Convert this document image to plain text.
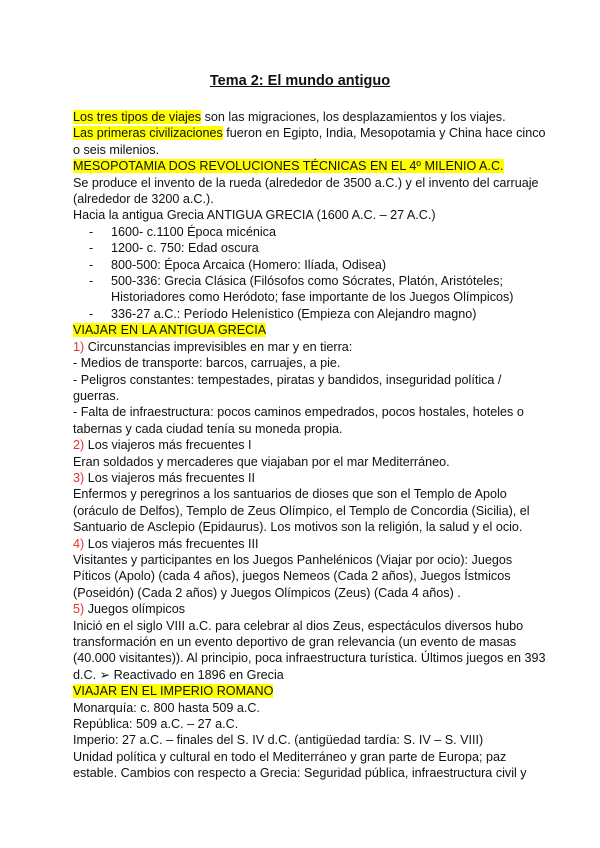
Tema 2: El mundo antiguo

Los tres tipos de viajes son las migraciones, los desplazamientos y los viajes.

Las primeras civilizaciones fueron en Egipto, India, Mesopotamia y China hace cinco

o seis milenios.

MESOPOTAMIA DOS REVOLUCIONES TÉCNICAS EN EL 4º MILENIO A.C.

Se produce el invento de la rueda (alrededor de 3500 a.C.) y el invento del carruaje

(alrededor de 3200 a.C.).

Hacia la antigua Grecia ANTIGUA GRECIA (1600 A.C. – 27 A.C.)

- 1600- c.1100 Época micénica
- 1200- c. 750: Edad oscura
- 800-500: Época Arcaica (Homero: Ilíada, Odisea)
- 500-336: Grecia Clásica (Filósofos como Sócrates, Platón, Aristóteles;
Historiadores como Heródoto; fase importante de los Juegos Olímpicos)
- 336-27 a.C.: Período Helenístico (Empieza con Alejandro magno)

VIAJAR EN LA ANTIGUA GRECIA

1) Circunstancias imprevisibles en mar y en tierra:

- Medios de transporte: barcos, carruajes, a pie.

- Peligros constantes: tempestades, piratas y bandidos, inseguridad política /

guerras.

- Falta de infraestructura: pocos caminos empedrados, pocos hostales, hoteles o

tabernas y cada ciudad tenía su moneda propia.

2) Los viajeros más frecuentes I

Eran soldados y mercaderes que viajaban por el mar Mediterráneo.

3) Los viajeros más frecuentes II

Enfermos y peregrinos a los santuarios de dioses que son el Templo de Apolo

(oráculo de Delfos), Templo de Zeus Olímpico, el Templo de Concordia (Sicilia), el

Santuario de Asclepio (Epidaurus). Los motivos son la religión, la salud y el ocio.

4) Los viajeros más frecuentes III

Visitantes y participantes en los Juegos Panhelénicos (Viajar por ocio): Juegos

Píticos (Apolo) (cada 4 años), juegos Nemeos (Cada 2 años), Juegos Ístmicos

(Poseidón) (Cada 2 años) y Juegos Olímpicos (Zeus) (Cada 4 años) .

5) Juegos olímpicos

Inició en el siglo VIII a.C. para celebrar al dios Zeus, espectáculos diversos hubo

transformación en un evento deportivo de gran relevancia (un evento de masas

(40.000 visitantes)). Al principio, poca infraestructura turística. Últimos juegos en 393

d.C. ➢ Reactivado en 1896 en Grecia

VIAJAR EN EL IMPERIO ROMANO

Monarquía: c. 800 hasta 509 a.C.

República: 509 a.C. – 27 a.C.

Imperio: 27 a.C. – finales del S. IV d.C. (antigüedad tardía: S. IV – S. VIII)

Unidad política y cultural en todo el Mediterráneo y gran parte de Europa; paz

estable. Cambios con respecto a Grecia: Seguridad pública, infraestructura civil y
